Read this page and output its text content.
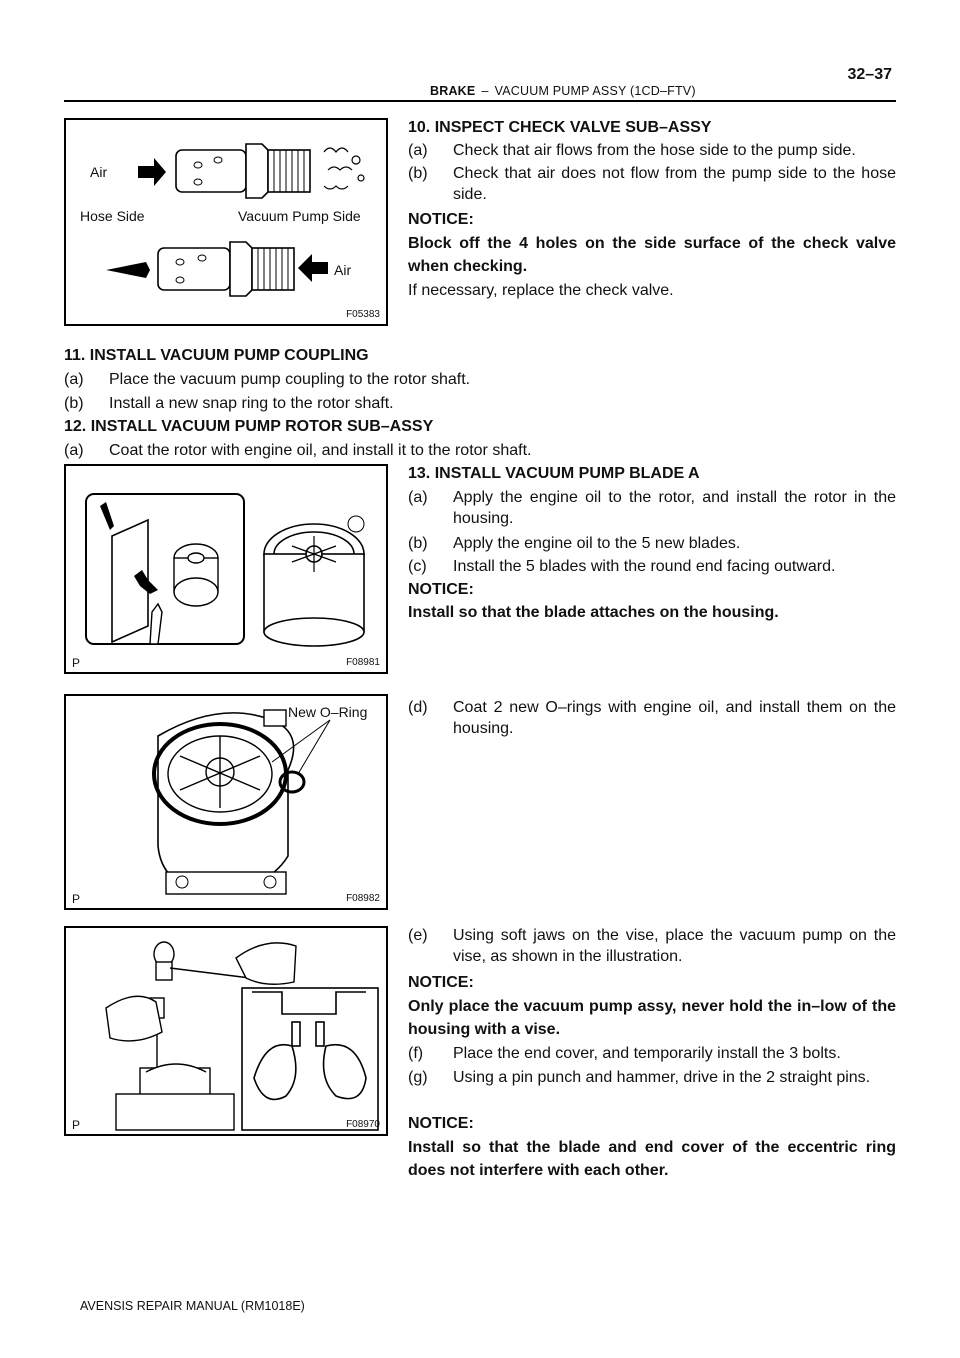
32–37
BRAKE – VACUUM PUMP ASSY (1CD–FTV)
Air
Hose Side	Vacuum Pump Side
Air
F05383
10. INSPECT CHECK VALVE SUB–ASSY
(a) Check that air flows from the hose side to the pump side.
(b) Check that air does not flow from the pump side to the hose side.
NOTICE:
Block off the 4 holes on the side surface of the check valve when checking.
If necessary, replace the check valve.
11. INSTALL VACUUM PUMP COUPLING
(a) Place the vacuum pump coupling to the rotor shaft.
(b) Install a new snap ring to the rotor shaft.
12. INSTALL VACUUM PUMP ROTOR SUB–ASSY
(a) Coat the rotor with engine oil, and install it to the rotor shaft.
P	F08981
13. INSTALL VACUUM PUMP BLADE A
(a) Apply the engine oil to the rotor, and install the rotor in the housing.
(b) Apply the engine oil to the 5 new blades.
(c) Install the 5 blades with the round end facing outward.
NOTICE:
Install so that the blade attaches on the housing.
New O–Ring
P	F08982
(d) Coat 2 new O–rings with engine oil, and install them on the housing.
P	F08970
(e) Using soft jaws on the vise, place the vacuum pump on the vise, as shown in the illustration.
NOTICE:
Only place the vacuum pump assy, never hold the in–low of the housing with a vise.
(f) Place the end cover, and temporarily install the 3 bolts.
(g) Using a pin punch and hammer, drive in the 2 straight pins.
NOTICE:
Install so that the blade and end cover of the eccentric ring does not interfere with each other.
AVENSIS REPAIR MANUAL (RM1018E)
